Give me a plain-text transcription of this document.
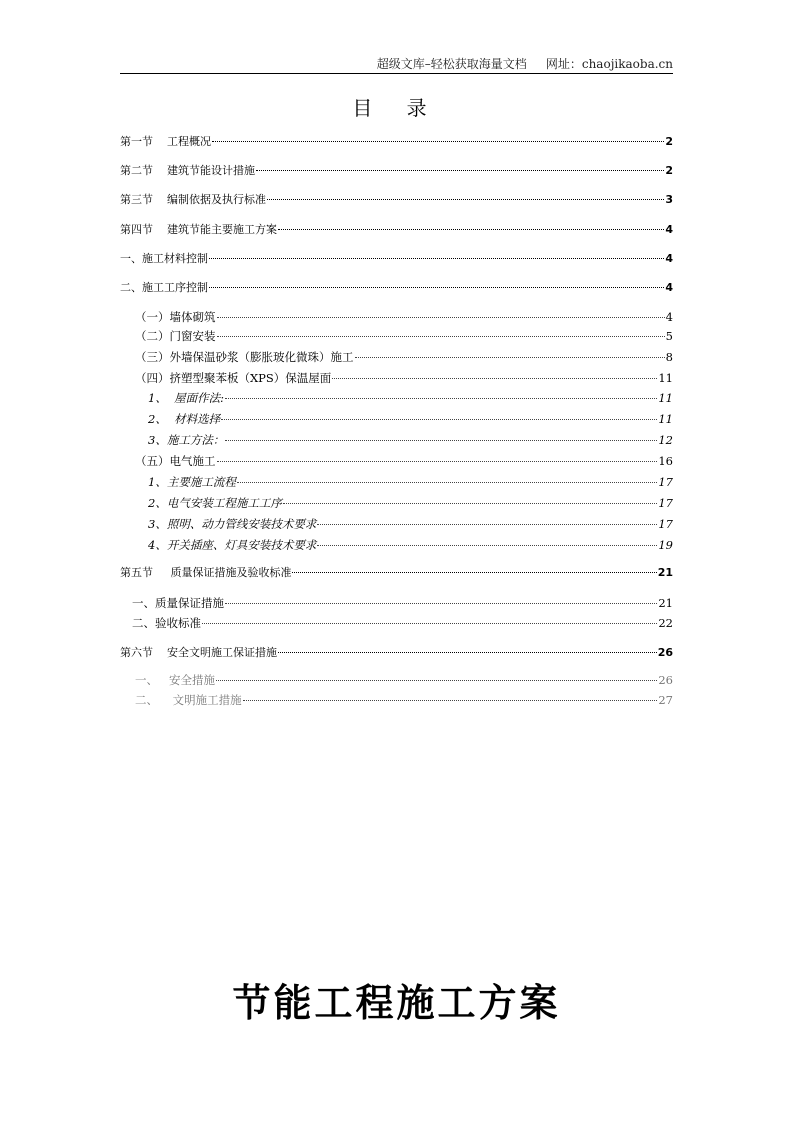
超级文库–轻松获取海量文档 网址：chaojikaoba.cn
目 录
第一节    工程概况	2
第二节    建筑节能设计措施	2
第三节    编制依据及执行标准	3
第四节    建筑节能主要施工方案	4
一、施工材料控制	4
二、施工工序控制	4
（一）墙体砌筑	4
（二）门窗安装	5
（三）外墙保温砂浆（膨胀玻化微珠）施工	8
（四）挤塑型聚苯板（XPS）保温屋面	11
1、  屋面作法:	11
2、  材料选择	11
3、施工方法：	12
（五）电气施工	16
1、主要施工流程	17
2、电气安装工程施工工序	17
3、照明、动力管线安装技术要求	17
4、开关插座、灯具安装技术要求	19
第五节     质量保证措施及验收标准	21
一、质量保证措施	21
二、验收标准	22
第六节    安全文明施工保证措施	26
一、   安全措施	26
二、    文明施工措施	27
节能工程施工方案
